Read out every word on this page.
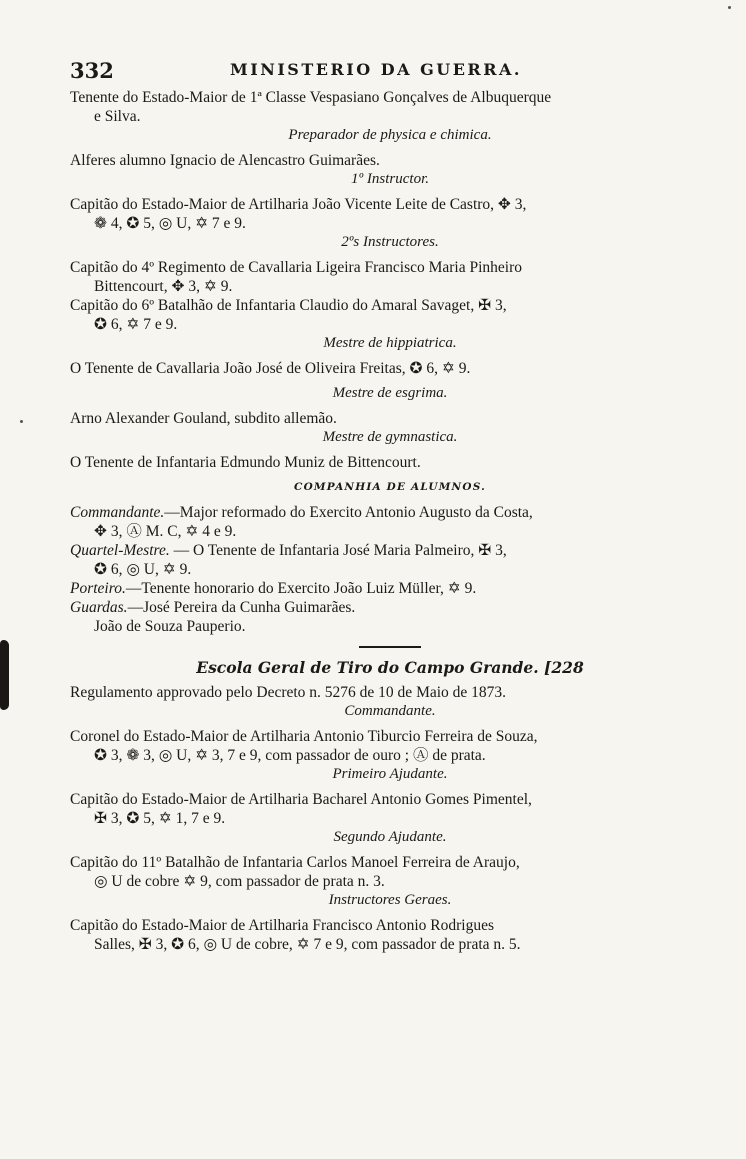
332	MINISTERIO DA GUERRA.

Tenente do Estado-Maior de 1ª Classe Vespasiano Gonçalves de Albuquerque
e Silva.

Preparador de physica e chimica.

Alferes alumno Ignacio de Alencastro Guimarães.

1º Instructor.

Capitão do Estado-Maior de Artilharia João Vicente Leite de Castro, ✥ 3,
❁ 4, ✪ 5, ◎ U, ✡ 7 e 9.

2ºs Instructores.

Capitão do 4º Regimento de Cavallaria Ligeira Francisco Maria Pinheiro
Bittencourt, ✥ 3, ✡ 9.

Capitão do 6º Batalhão de Infantaria Claudio do Amaral Savaget, ✠ 3,
✪ 6, ✡ 7 e 9.

Mestre de hippiatrica.

O Tenente de Cavallaria João José de Oliveira Freitas, ✪ 6, ✡ 9.

Mestre de esgrima.

Arno Alexander Gouland, subdito allemão.

Mestre de gymnastica.

O Tenente de Infantaria Edmundo Muniz de Bittencourt.

COMPANHIA DE ALUMNOS.

Commandante.—Major reformado do Exercito Antonio Augusto da Costa,
✥ 3, Ⓐ M. C, ✡ 4 e 9.

Quartel-Mestre. — O Tenente de Infantaria José Maria Palmeiro, ✠ 3,
✪ 6, ◎ U, ✡ 9.

Porteiro.—Tenente honorario do Exercito João Luiz Müller, ✡ 9.

Guardas.—José Pereira da Cunha Guimarães.
João de Souza Pauperio.

Escola Geral de Tiro do Campo Grande. [228

Regulamento approvado pelo Decreto n. 5276 de 10 de Maio de 1873.

Commandante.

Coronel do Estado-Maior de Artilharia Antonio Tiburcio Ferreira de Souza,
✪ 3, ❁ 3, ◎ U, ✡ 3, 7 e 9, com passador de ouro ; Ⓐ de prata.

Primeiro Ajudante.

Capitão do Estado-Maior de Artilharia Bacharel Antonio Gomes Pimentel,
✠ 3, ✪ 5, ✡ 1, 7 e 9.

Segundo Ajudante.

Capitão do 11º Batalhão de Infantaria Carlos Manoel Ferreira de Araujo,
◎ U de cobre ✡ 9, com passador de prata n. 3.

Instructores Geraes.

Capitão do Estado-Maior de Artilharia Francisco Antonio Rodrigues
Salles, ✠ 3, ✪ 6, ◎ U de cobre, ✡ 7 e 9, com passador de prata n. 5.
